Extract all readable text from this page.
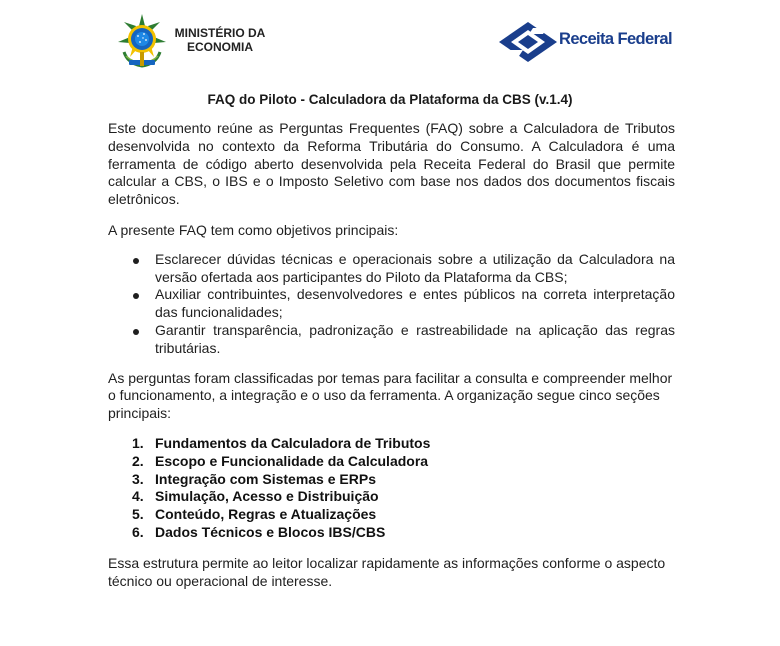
MINISTÉRIO DA
ECONOMIA	Receita Federal
FAQ do Piloto - Calculadora da Plataforma da CBS (v.1.4)

Este documento reúne as Perguntas Frequentes (FAQ) sobre a Calculadora de Tributos desenvolvida no contexto da Reforma Tributária do Consumo. A Calculadora é uma ferramenta de código aberto desenvolvida pela Receita Federal do Brasil que permite calcular a CBS, o IBS e o Imposto Seletivo com base nos dados dos documentos fiscais eletrônicos.

A presente FAQ tem como objetivos principais:

Esclarecer dúvidas técnicas e operacionais sobre a utilização da Calculadora na versão ofertada aos participantes do Piloto da Plataforma da CBS;
Auxiliar contribuintes, desenvolvedores e entes públicos na correta interpretação das funcionalidades;
Garantir transparência, padronização e rastreabilidade na aplicação das regras tributárias.

As perguntas foram classificadas por temas para facilitar a consulta e compreender melhor o funcionamento, a integração e o uso da ferramenta. A organização segue cinco seções principais:

1. Fundamentos da Calculadora de Tributos
2. Escopo e Funcionalidade da Calculadora
3. Integração com Sistemas e ERPs
4. Simulação, Acesso e Distribuição
5. Conteúdo, Regras e Atualizações
6. Dados Técnicos e Blocos IBS/CBS

Essa estrutura permite ao leitor localizar rapidamente as informações conforme o aspecto técnico ou operacional de interesse.
